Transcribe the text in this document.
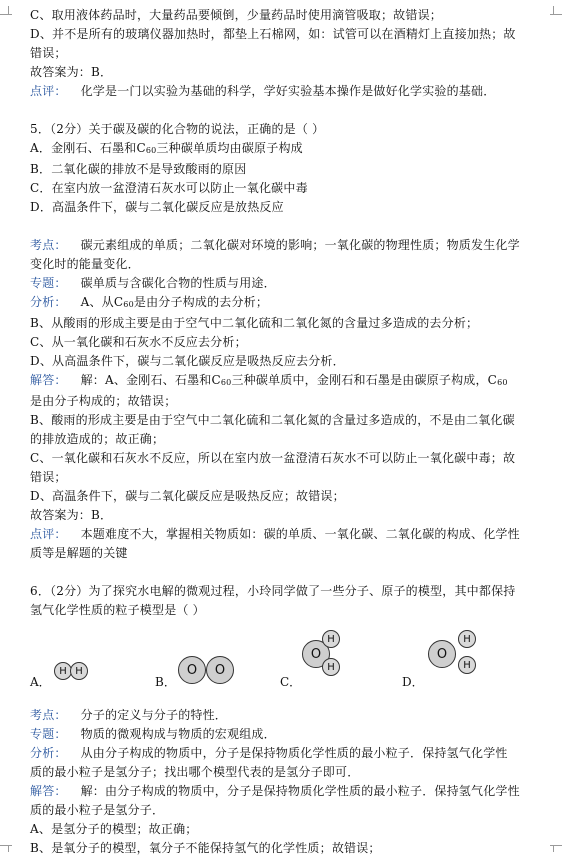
C、取用液体药品时，大量药品要倾倒，少量药品时使用滴管吸取；故错误；
D、并不是所有的玻璃仪器加热时，都垫上石棉网，如：试管可以在酒精灯上直接加热；故
错误；
故答案为：B．
点评： 化学是一门以实验为基础的科学，学好实验基本操作是做好化学实验的基础．
5．（2分）关于碳及碳的化合物的说法，正确的是（ ）
A．金刚石、石墨和$C_{60}$三种碳单质均由碳原子构成
B．二氧化碳的排放不是导致酸雨的原因
C．在室内放一盆澄清石灰水可以防止一氧化碳中毒
D．高温条件下，碳与二氧化碳反应是放热反应
考点： 碳元素组成的单质；二氧化碳对环境的影响；一氧化碳的物理性质；物质发生化学
变化时的能量变化．
专题： 碳单质与含碳化合物的性质与用途．
分析： A、从$C_{60}$是由分子构成的去分析；
B、从酸雨的形成主要是由于空气中二氧化硫和二氧化氮的含量过多造成的去分析；
C、从一氧化碳和石灰水不反应去分析；
D、从高温条件下，碳与二氧化碳反应是吸热反应去分析．
解答： 解：A、金刚石、石墨和$C_{60}$三种碳单质中，金刚石和石墨是由碳原子构成，$C_{60}$
是由分子构成的；故错误；
B、酸雨的形成主要是由于空气中二氧化硫和二氧化氮的含量过多造成的，不是由二氧化碳
的排放造成的；故正确；
C、一氧化碳和石灰水不反应，所以在室内放一盆澄清石灰水不可以防止一氧化碳中毒；故
错误；
D、高温条件下，碳与二氧化碳反应是吸热反应；故错误；
故答案为：B．
点评： 本题难度不大，掌握相关物质如：碳的单质、一氧化碳、二氧化碳的构成、化学性
质等是解题的关键
6．（2分）为了探究水电解的微观过程，小玲同学做了一些分子、原子的模型，其中都保持
氢气化学性质的粒子模型是（ ）
A．
H H
B．
O	O
C．
O
H
H
D．
O
H
H
考点： 分子的定义与分子的特性．
专题： 物质的微观构成与物质的宏观组成．
分析： 从由分子构成的物质中，分子是保持物质化学性质的最小粒子．保持氢气化学性
质的最小粒子是氢分子；找出哪个模型代表的是氢分子即可．
解答： 解：由分子构成的物质中，分子是保持物质化学性质的最小粒子．保持氢气化学性
质的最小粒子是氢分子．
A、是氢分子的模型；故正确；
B、是氧分子的模型，氧分子不能保持氢气的化学性质；故错误；
